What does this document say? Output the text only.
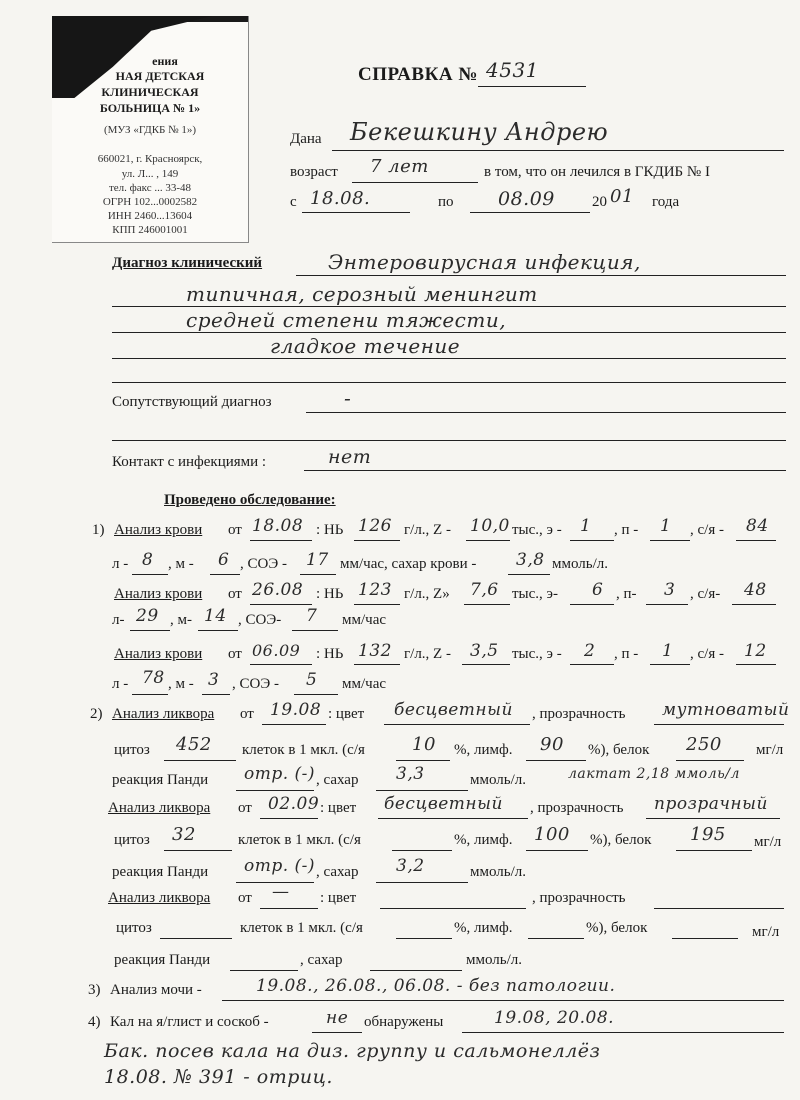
ения
НАЯ ДЕТСКАЯ
КЛИНИЧЕСКАЯ
БОЛЬНИЦА № 1»
(МУЗ «ГДКБ № 1»)
660021, г. Красноярск,
ул. Л... , 149
тел. факс ... 33-48
ОГРН 102...0002582
ИНН 2460...13604
КПП 246001001
СПРАВКА № 4531
Дана Бекешкину Андрею
возраст 7 лет	в том, что он лечился в ГКДИБ № I
с 18.08.	по 08.09 20 01 года
Диагноз клинический	Энтеровирусная инфекция,
типичная, серозный менингит
средней степени тяжести,
гладкое течение
Сопутствующий диагноз	-
Контакт с инфекциями :	нет
Проведено обследование:
1) Анализ крови от 18.08 : НЬ 126 г/л., Z - 10,0 тыс., э - 1 , п - 1 , с/я - 84
л - 8 , м - 6 , СОЭ - 17 мм/час, сахар крови - 3,8 ммоль/л.
Анализ крови от 26.08 : НЬ 123 г/л., Z» 7,6 тыс., э- 6 , п- 3 , с/я- 48
л- 29 , м- 14 , СОЭ- 7 мм/час
Анализ крови от 06.09 : НЬ 132 г/л., Z - 3,5 тыс., э - 2 , п - 1 , с/я - 12
л - 78 , м - 3 , СОЭ - 5 мм/час
2) Анализ ликвора от 19.08 : цвет бесцветный , прозрачность мутноватый
цитоз 452 клеток в 1 мкл. (с/я	10 %, лимф. 90 %), белок 250 мг/л
реакция Панди отр. (-) , сахар 3,3	ммоль/л.	лактат 2,18 ммоль/л
Анализ ликвора от 02.09 : цвет бесцветный , прозрачность прозрачный
цитоз 32	клеток в 1 мкл. (с/я	%, лимф. 100 %), белок 195 мг/л
реакция Панди отр. (-) , сахар 3,2	ммоль/л.
Анализ ликвора от — : цвет	, прозрачность
цитоз	клеток в 1 мкл. (с/я	%, лимф.	%), белок	мг/л
реакция Панди	, сахар	ммоль/л.
3) Анализ мочи -	19.08., 26.08., 06.08. - без патологии.
4) Кал на я/глист и соскоб -	не обнаружены	19.08, 20.08.
Бак. посев кала на диз. группу и сальмонеллёз
18.08. № 391 - отриц.
